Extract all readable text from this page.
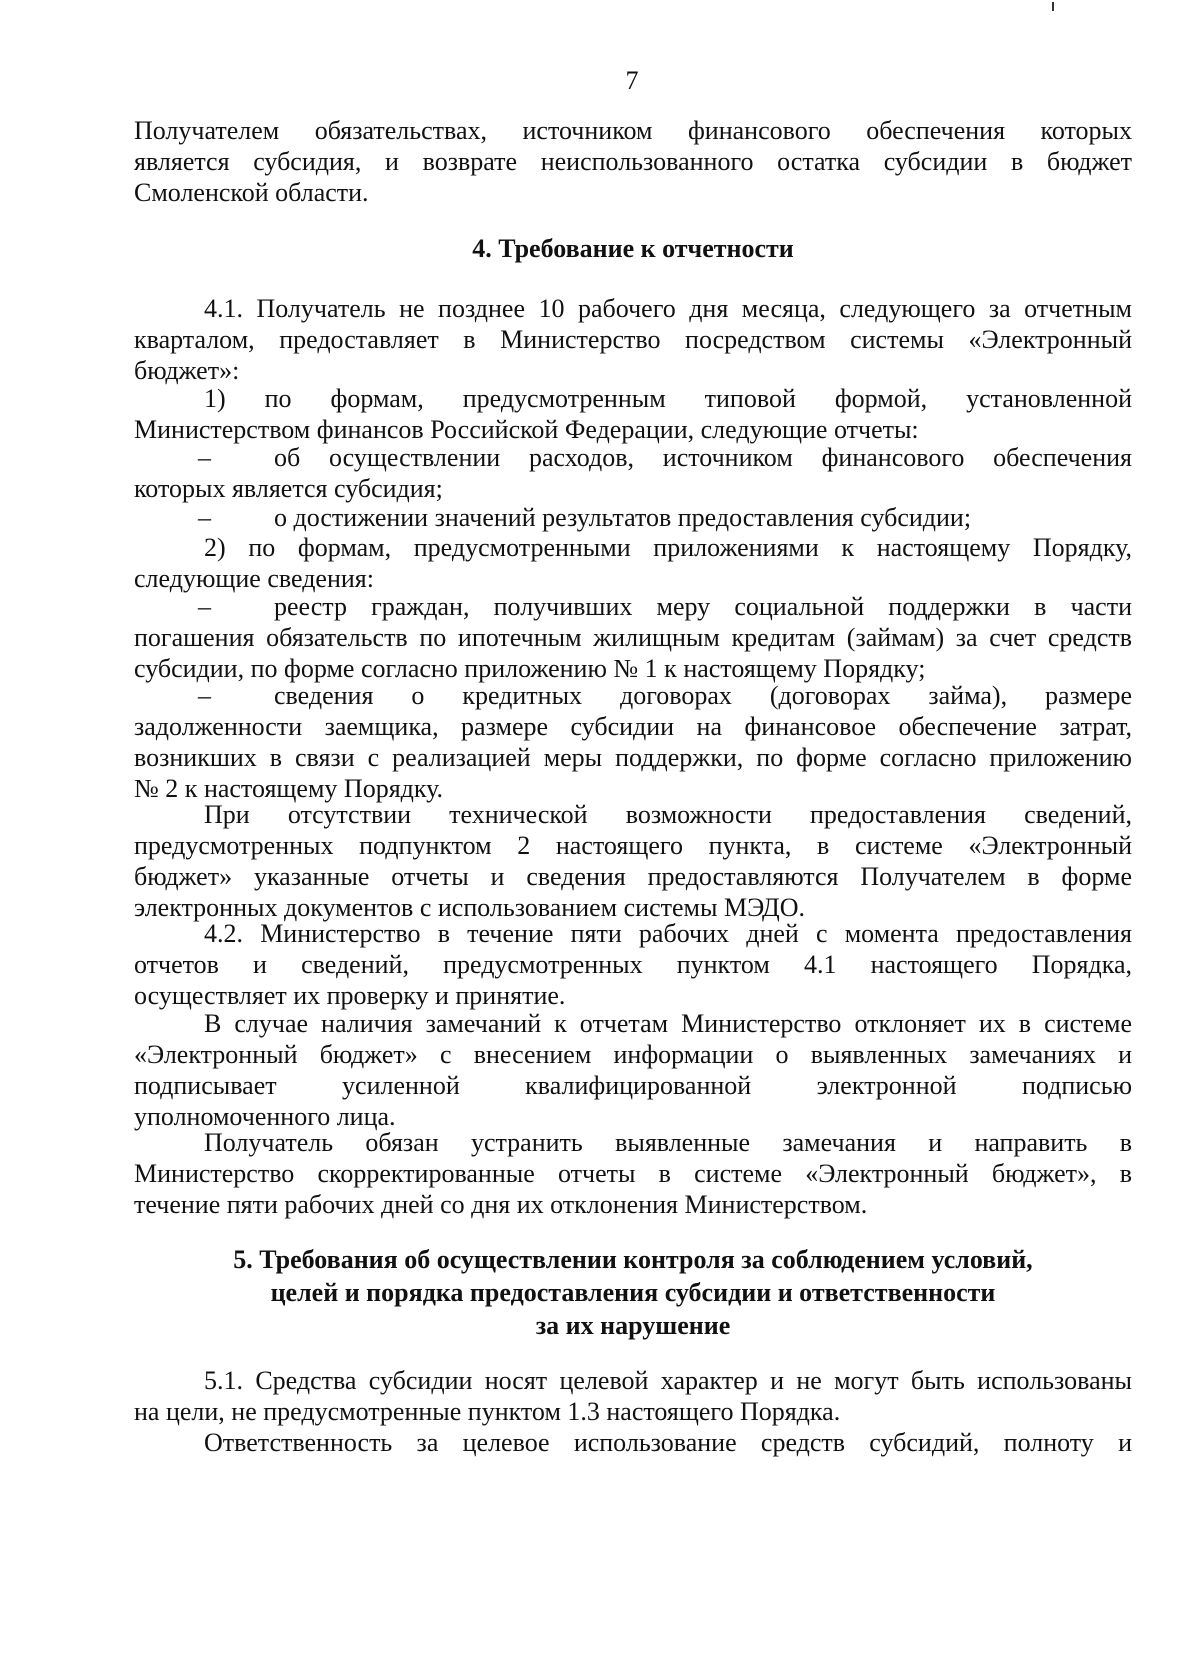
7
Получателем обязательствах, источником финансового обеспечения которых
является субсидия, и возврате неиспользованного остатка субсидии в бюджет
Смоленской области.
4. Требование к отчетности
4.1. Получатель не позднее 10 рабочего дня месяца, следующего за отчетным
кварталом, предоставляет в Министерство посредством системы «Электронный
бюджет»:
1) по формам, предусмотренным типовой формой, установленной
Министерством финансов Российской Федерации, следующие отчеты:
– об осуществлении расходов, источником финансового обеспечения
которых является субсидия;
– о достижении значений результатов предоставления субсидии;
2) по формам, предусмотренными приложениями к настоящему Порядку,
следующие сведения:
– реестр граждан, получивших меру социальной поддержки в части
погашения обязательств по ипотечным жилищным кредитам (займам) за счет средств
субсидии, по форме согласно приложению № 1 к настоящему Порядку;
– сведения о кредитных договорах (договорах займа), размере
задолженности заемщика, размере субсидии на финансовое обеспечение затрат,
возникших в связи с реализацией меры поддержки, по форме согласно приложению
№ 2 к настоящему Порядку.
При отсутствии технической возможности предоставления сведений,
предусмотренных подпунктом 2 настоящего пункта, в системе «Электронный
бюджет» указанные отчеты и сведения предоставляются Получателем в форме
электронных документов с использованием системы МЭДО.
4.2. Министерство в течение пяти рабочих дней с момента предоставления
отчетов и сведений, предусмотренных пунктом 4.1 настоящего Порядка,
осуществляет их проверку и принятие.
В случае наличия замечаний к отчетам Министерство отклоняет их в системе
«Электронный бюджет» с внесением информации о выявленных замечаниях и
подписывает усиленной квалифицированной электронной подписью
уполномоченного лица.
Получатель обязан устранить выявленные замечания и направить в
Министерство скорректированные отчеты в системе «Электронный бюджет», в
течение пяти рабочих дней со дня их отклонения Министерством.
5. Требования об осуществлении контроля за соблюдением условий,
целей и порядка предоставления субсидии и ответственности
за их нарушение
5.1. Средства субсидии носят целевой характер и не могут быть использованы
на цели, не предусмотренные пунктом 1.3 настоящего Порядка.
Ответственность за целевое использование средств субсидий, полноту и
